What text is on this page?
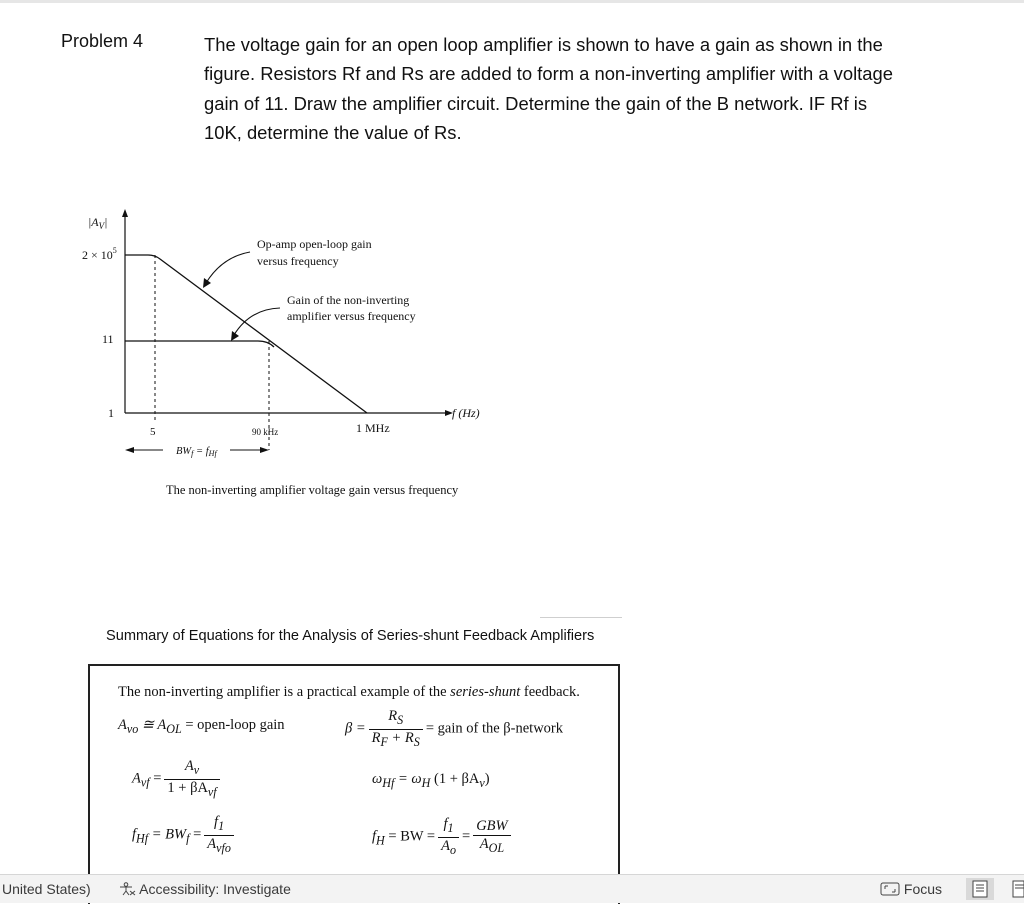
Problem 4	The voltage gain for an open loop amplifier is shown to have a gain as shown in the
figure. Resistors Rf and Rs are added to form a non-inverting amplifier with a voltage
gain of 11. Draw the amplifier circuit. Determine the gain of the B network. IF Rf is
10K, determine the value of Rs.

$|A_V|$
$2 \times 10^5$
11
1
5	90 kHz	1 MHz
f (Hz)
BWf = fHf
Op-amp open-loop gain
versus frequency
Gain of the non-inverting
amplifier versus frequency
The non-inverting amplifier voltage gain versus frequency
Summary of Equations for the Analysis of Series-shunt Feedback Amplifiers
The non-inverting amplifier is a practical example of the series-shunt feedback.
$A_{vo}$ ≅ $A_{OL}$ = open-loop gain	$\beta = \frac{R_S}{R_F + R_S}$ = gain of the β-network
$A_{vf} = \frac{A_v}{1 + \beta A_{vf}}$	$\omega_{Hf} = \omega_H$ $(1 + \beta A_v)$
$f_{Hf} = BW_f = \frac{f_1}{A_{vfo}}$	$f_H$ = BW = $\frac{f_1}{A_o} = \frac{\text{GBW}}{A_{OL}}$
United States)	Accessibility: Investigate	Focus
